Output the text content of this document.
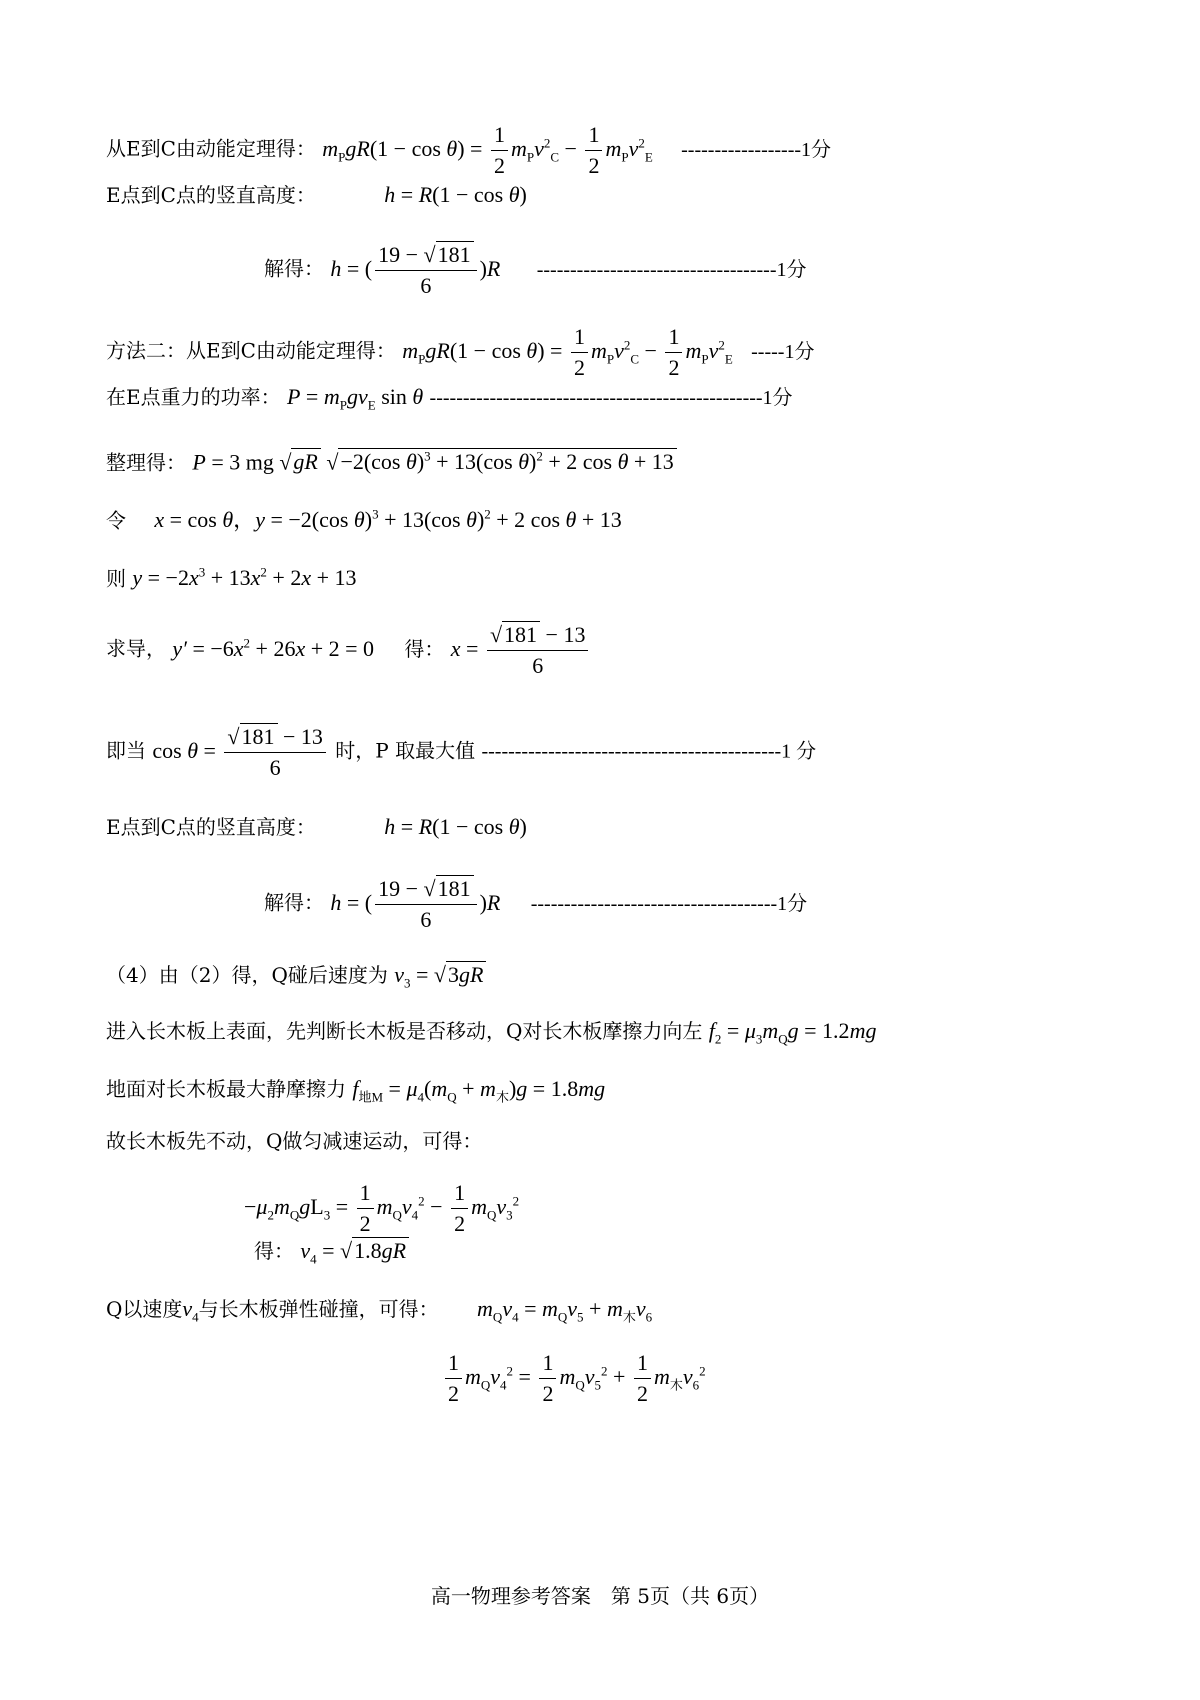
从E到C由动能定理得： $m_PgR(1 - \cos \theta) = \frac{1}{2} m_Pv^2_C - \frac{1}{2} m_Pv^2_E$ ------------------1分
E点到C点的竖直高度：	h = R(1 − cos θ)
解得： h = ( $\frac{19 - √181}{6} )R$ ------------------------------------1分
方法二：从E到C由动能定理得： $m_PgR(1 - \cos \theta) = \frac{1}{2} m_Pv^2_C - \frac{1}{2} m_Pv^2_E$ -----1分
在E点重力的功率： $P = m_Pgv_E$ sin θ --------------------------------------------------1分
整理得： P = 3 mg √gR √−2(cos θ)$^3$ + 13(cos θ)$^2$ + 2 cos θ + 13
令 x = cos θ，y = −2(cos θ)$^3$ + 13(cos θ)$^2$ + 2 cos θ + 13
则 $y = -2x^3 + 13x^2 + 2x + 13$
求导， $y' = -6x^2 + 26x + 2 = 0$ 得： $x = \frac{√181 - 13}{6}$
即当 $\cos \theta = \frac{√181 - 13}{6}$ 时，P 取最大值 ---------------------------------------------1 分
E点到C点的竖直高度：	h = R(1 − cos θ)
解得： h = ( $\frac{19 - √181}{6} )R$ -------------------------------------1分
（4）由（2）得，Q碰后速度为 $v_3 = √3gR$
进入长木板上表面，先判断长木板是否移动，Q对长木板摩擦力向左 $f_2 = \mu_3m_Qg = 1.2mg$
地面对长木板最大静摩擦力 $f_{地M} = \mu_4(m_Q + m_木)g = 1.8mg$
故长木板先不动，Q做匀减速运动，可得：
$-\mu_2m_QgL_3 = \frac{1}{2} m_Qv_4^2 - \frac{1}{2} m_Qv_3^2$
得： $v_4 = √1.8gR$
Q以速度$v_4$与长木板弹性碰撞，可得： $m_Qv_4 = m_Qv_5 + m_木v_6$
$\frac{1}{2} m_Qv_4^2 = \frac{1}{2} m_Qv_5^2 + \frac{1}{2} m_木v_6^2$
高一物理参考答案　第 5页（共 6页）
